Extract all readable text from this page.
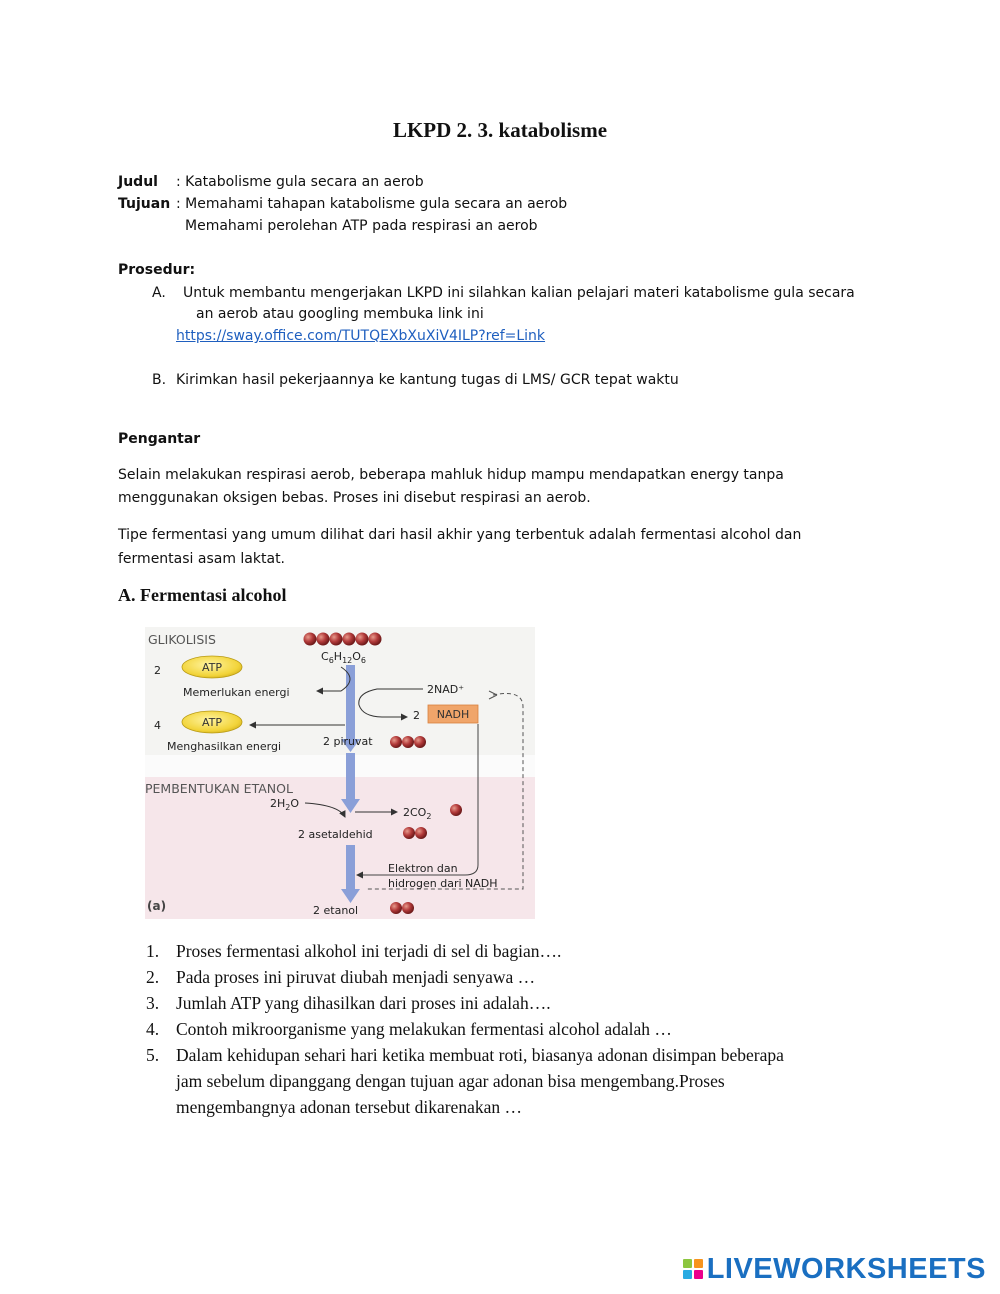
LKPD 2. 3. katabolisme
Judul : Katabolisme gula secara an aerob
Tujuan : Memahami tahapan katabolisme gula secara an aerob
Memahami perolehan ATP pada respirasi an aerob
Prosedur:
A. Untuk membantu mengerjakan LKPD ini silahkan kalian pelajari materi katabolisme gula secara
an aerob atau googling membuka link ini
https://sway.office.com/TUTQEXbXuXiV4ILP?ref=Link
B. Kirimkan hasil pekerjaannya ke kantung tugas di LMS/ GCR tepat waktu
Pengantar
Selain melakukan respirasi aerob, beberapa mahluk hidup mampu mendapatkan energy tanpa
menggunakan oksigen bebas. Proses ini disebut respirasi an aerob.
Tipe fermentasi yang umum dilihat dari hasil akhir yang terbentuk adalah fermentasi alcohol dan
fermentasi asam laktat.
A. Fermentasi alcohol
GLIKOLISIS
$C_6H_{12}O_6$
2	ATP
Memerlukan energi
4	ATP
Menghasilkan energi
2NAD⁺
2 NADH
2 piruvat
PEMBENTUKAN ETANOL
$2H_2O$
$2CO_2$
2 asetaldehid
Elektron dan
hidrogen dari NADH
(a)	2 etanol
1. Proses fermentasi alkohol ini terjadi di sel di bagian….
2. Pada proses ini piruvat diubah menjadi senyawa …
3. Jumlah ATP yang dihasilkan dari proses ini adalah….
4. Contoh mikroorganisme yang melakukan fermentasi alcohol adalah …
5. Dalam kehidupan sehari hari ketika membuat roti, biasanya adonan disimpan beberapa
jam sebelum dipanggang dengan tujuan agar adonan bisa mengembang.Proses
mengembangnya adonan tersebut dikarenakan …
LIVEWORKSHEETS
